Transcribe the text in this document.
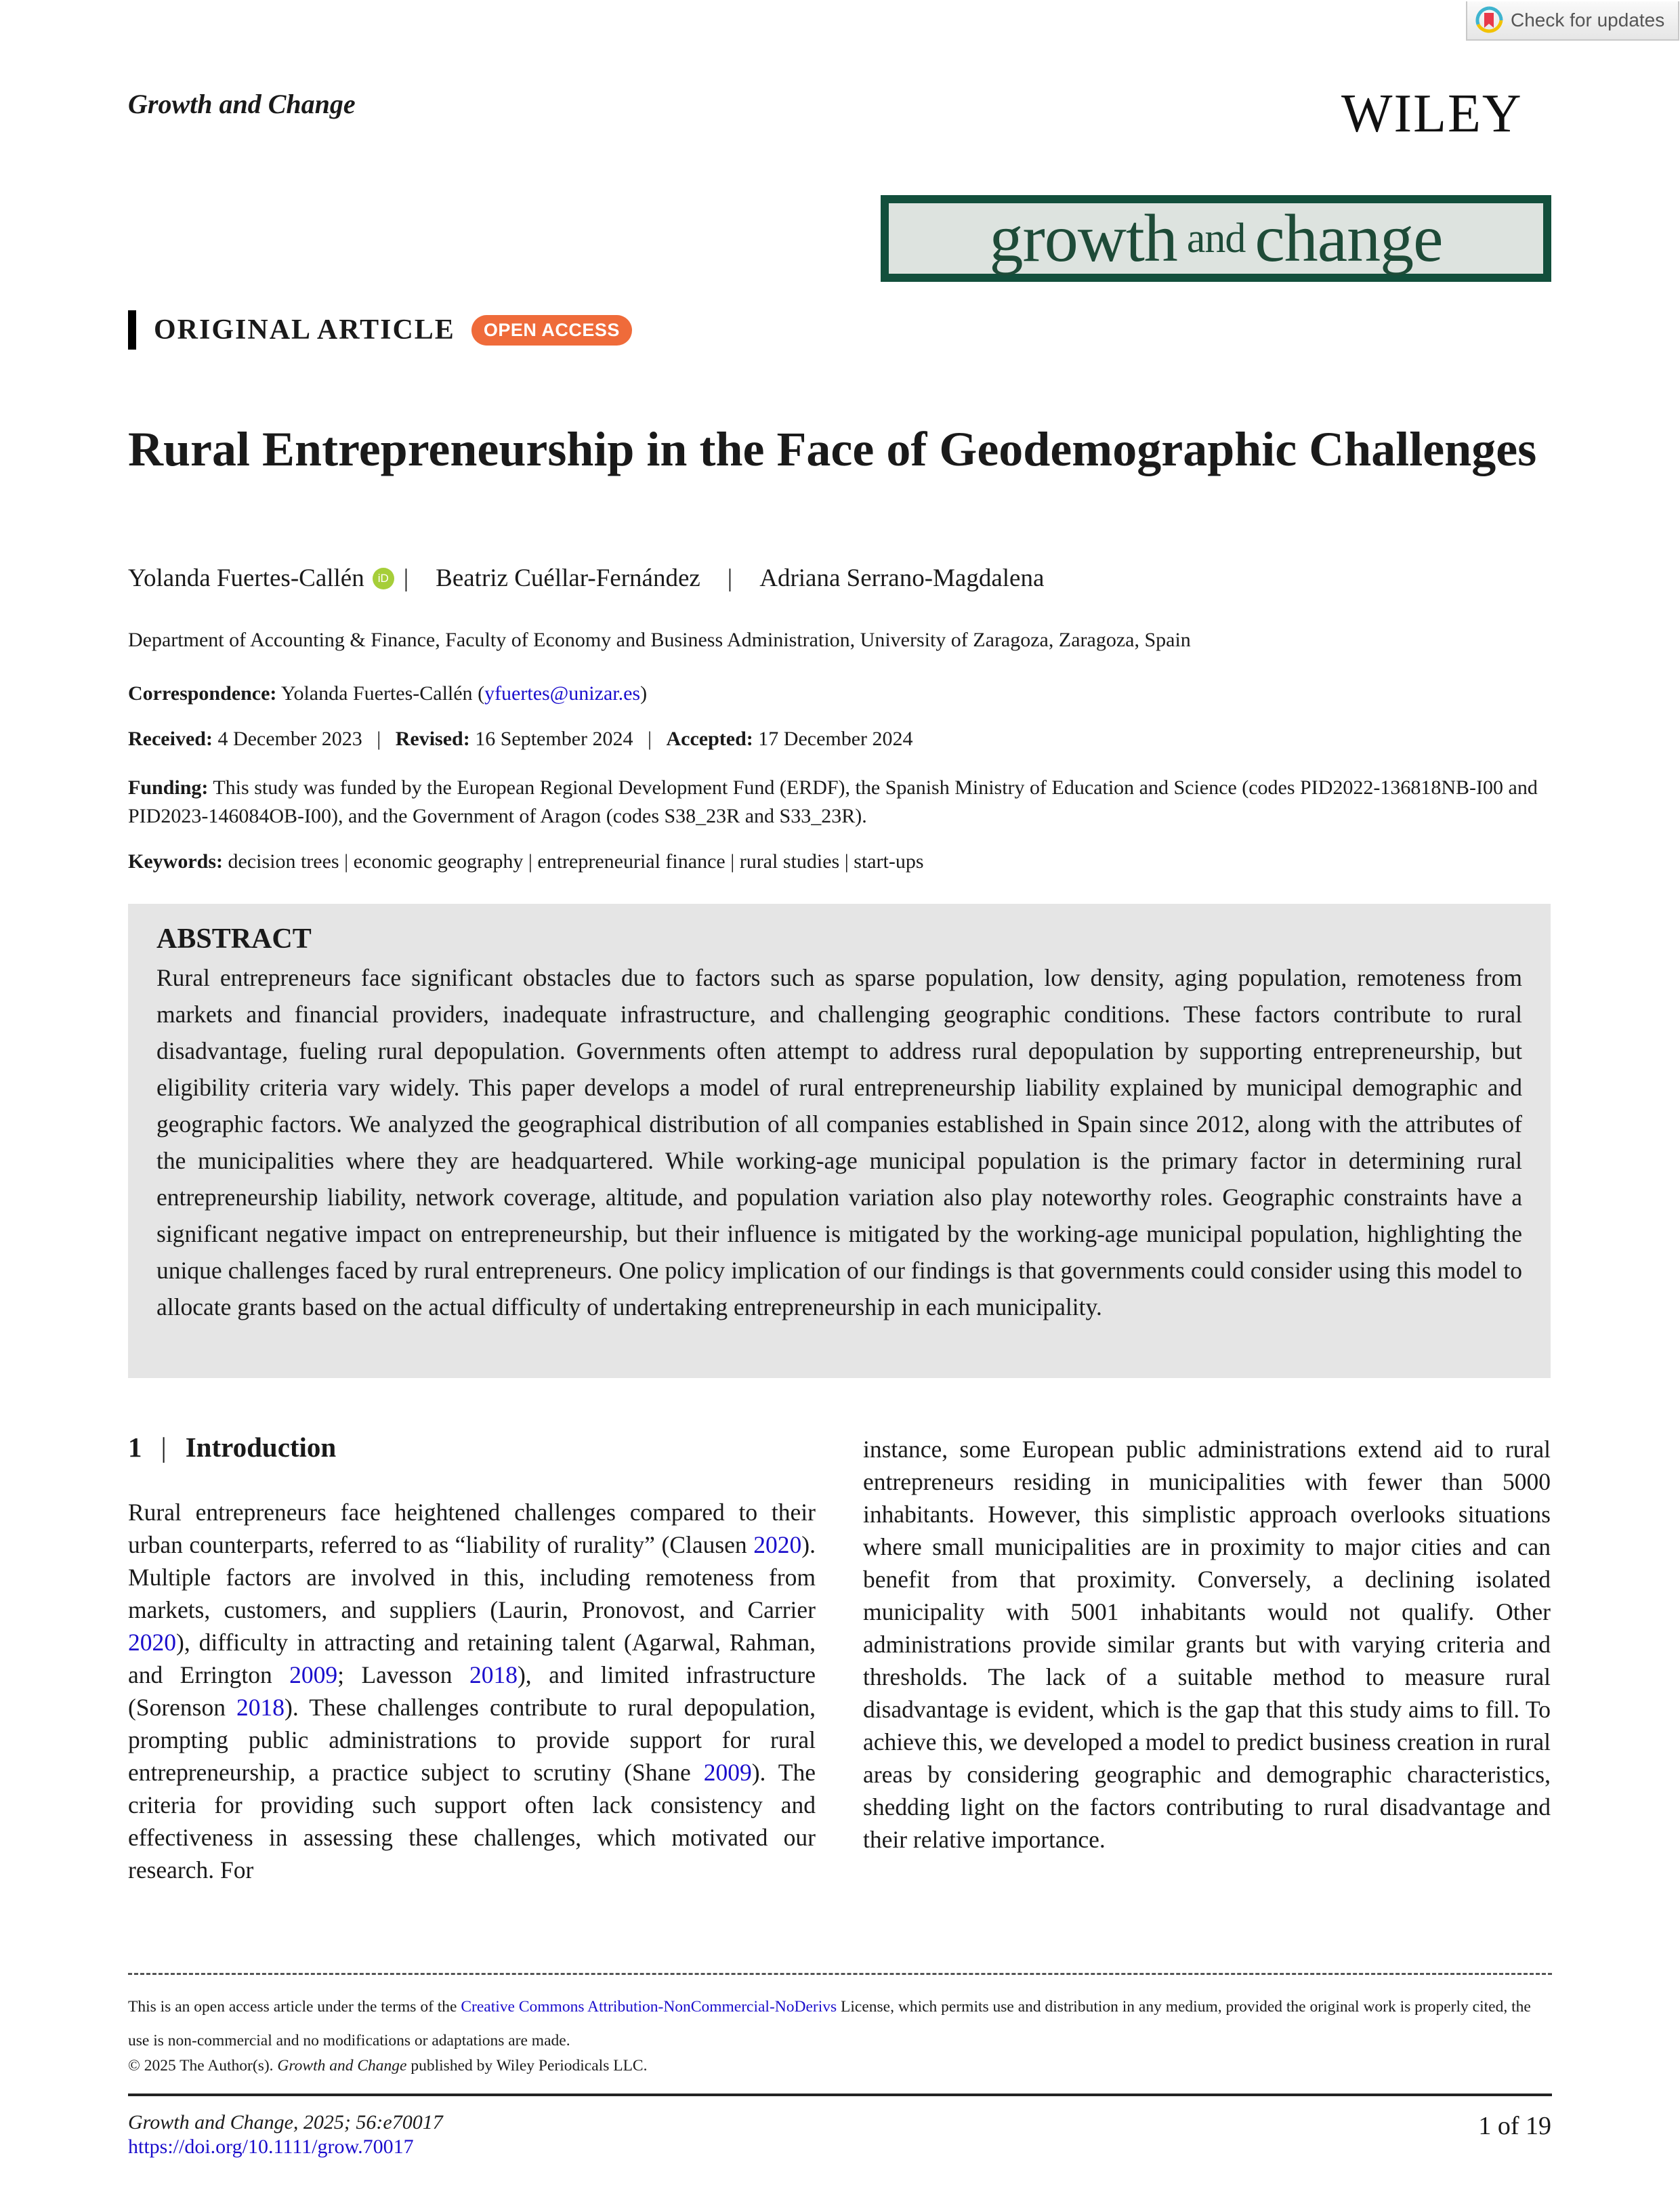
Check for updates
Growth and Change	WILEY
growth and change
ORIGINAL ARTICLE	OPEN ACCESS
Rural Entrepreneurship in the Face of Geodemographic Challenges
Yolanda Fuertes-Callén	iD | Beatriz Cuéllar-Fernández | Adriana Serrano-Magdalena
Department of Accounting & Finance, Faculty of Economy and Business Administration, University of Zaragoza, Zaragoza, Spain
Correspondence: Yolanda Fuertes-Callén (yfuertes@unizar.es)
Received: 4 December 2023 | Revised: 16 September 2024 | Accepted: 17 December 2024
Funding: This study was funded by the European Regional Development Fund (ERDF), the Spanish Ministry of Education and Science (codes PID2022-136818NB-I00 and PID2023-146084OB-I00), and the Government of Aragon (codes S38_23R and S33_23R).
Keywords: decision trees | economic geography | entrepreneurial finance | rural studies | start-ups
ABSTRACT
Rural entrepreneurs face significant obstacles due to factors such as sparse population, low density, aging population, remoteness from markets and financial providers, inadequate infrastructure, and challenging geographic conditions. These factors contribute to rural disadvantage, fueling rural depopulation. Governments often attempt to address rural depopulation by supporting entrepreneurship, but eligibility criteria vary widely. This paper develops a model of rural entrepreneurship liability explained by municipal demographic and geographic factors. We analyzed the geographical distribution of all companies established in Spain since 2012, along with the attributes of the municipalities where they are headquartered. While working-age municipal population is the primary factor in determining rural entrepreneurship liability, network coverage, altitude, and population variation also play noteworthy roles. Geographic constraints have a significant negative impact on entrepreneurship, but their influence is mitigated by the working-age municipal population, highlighting the unique challenges faced by rural entrepreneurs. One policy implication of our findings is that governments could consider using this model to allocate grants based on the actual difficulty of undertaking entrepreneurship in each municipality.
1 | Introduction
Rural entrepreneurs face heightened challenges compared to their urban counterparts, referred to as “liability of rurality” (Clausen 2020). Multiple factors are involved in this, including remoteness from markets, customers, and suppliers (Laurin, Pronovost, and Carrier 2020), difficulty in attracting and retaining talent (Agarwal, Rahman, and Errington 2009; Lavesson 2018), and limited infrastructure (Sorenson 2018). These challenges contribute to rural depopulation, prompting public administrations to provide support for rural entrepreneurship, a practice subject to scrutiny (Shane 2009). The criteria for providing such support often lack consistency and effectiveness in assessing these challenges, which motivated our research. For
instance, some European public administrations extend aid to rural entrepreneurs residing in municipalities with fewer than 5000 inhabitants. However, this simplistic approach overlooks situations where small municipalities are in proximity to major cities and can benefit from that proximity. Conversely, a declining isolated municipality with 5001 inhabitants would not qualify. Other administrations provide similar grants but with varying criteria and thresholds. The lack of a suitable method to measure rural disadvantage is evident, which is the gap that this study aims to fill. To achieve this, we developed a model to predict business creation in rural areas by considering geographic and demographic characteristics, shedding light on the factors contributing to rural disadvantage and their relative importance.
This is an open access article under the terms of the Creative Commons Attribution-NonCommercial-NoDerivs License, which permits use and distribution in any medium, provided the original work is properly cited, the use is non-commercial and no modifications or adaptations are made.
© 2025 The Author(s). Growth and Change published by Wiley Periodicals LLC.
Growth and Change, 2025; 56:e70017
https://doi.org/10.1111/grow.70017
1 of 19
